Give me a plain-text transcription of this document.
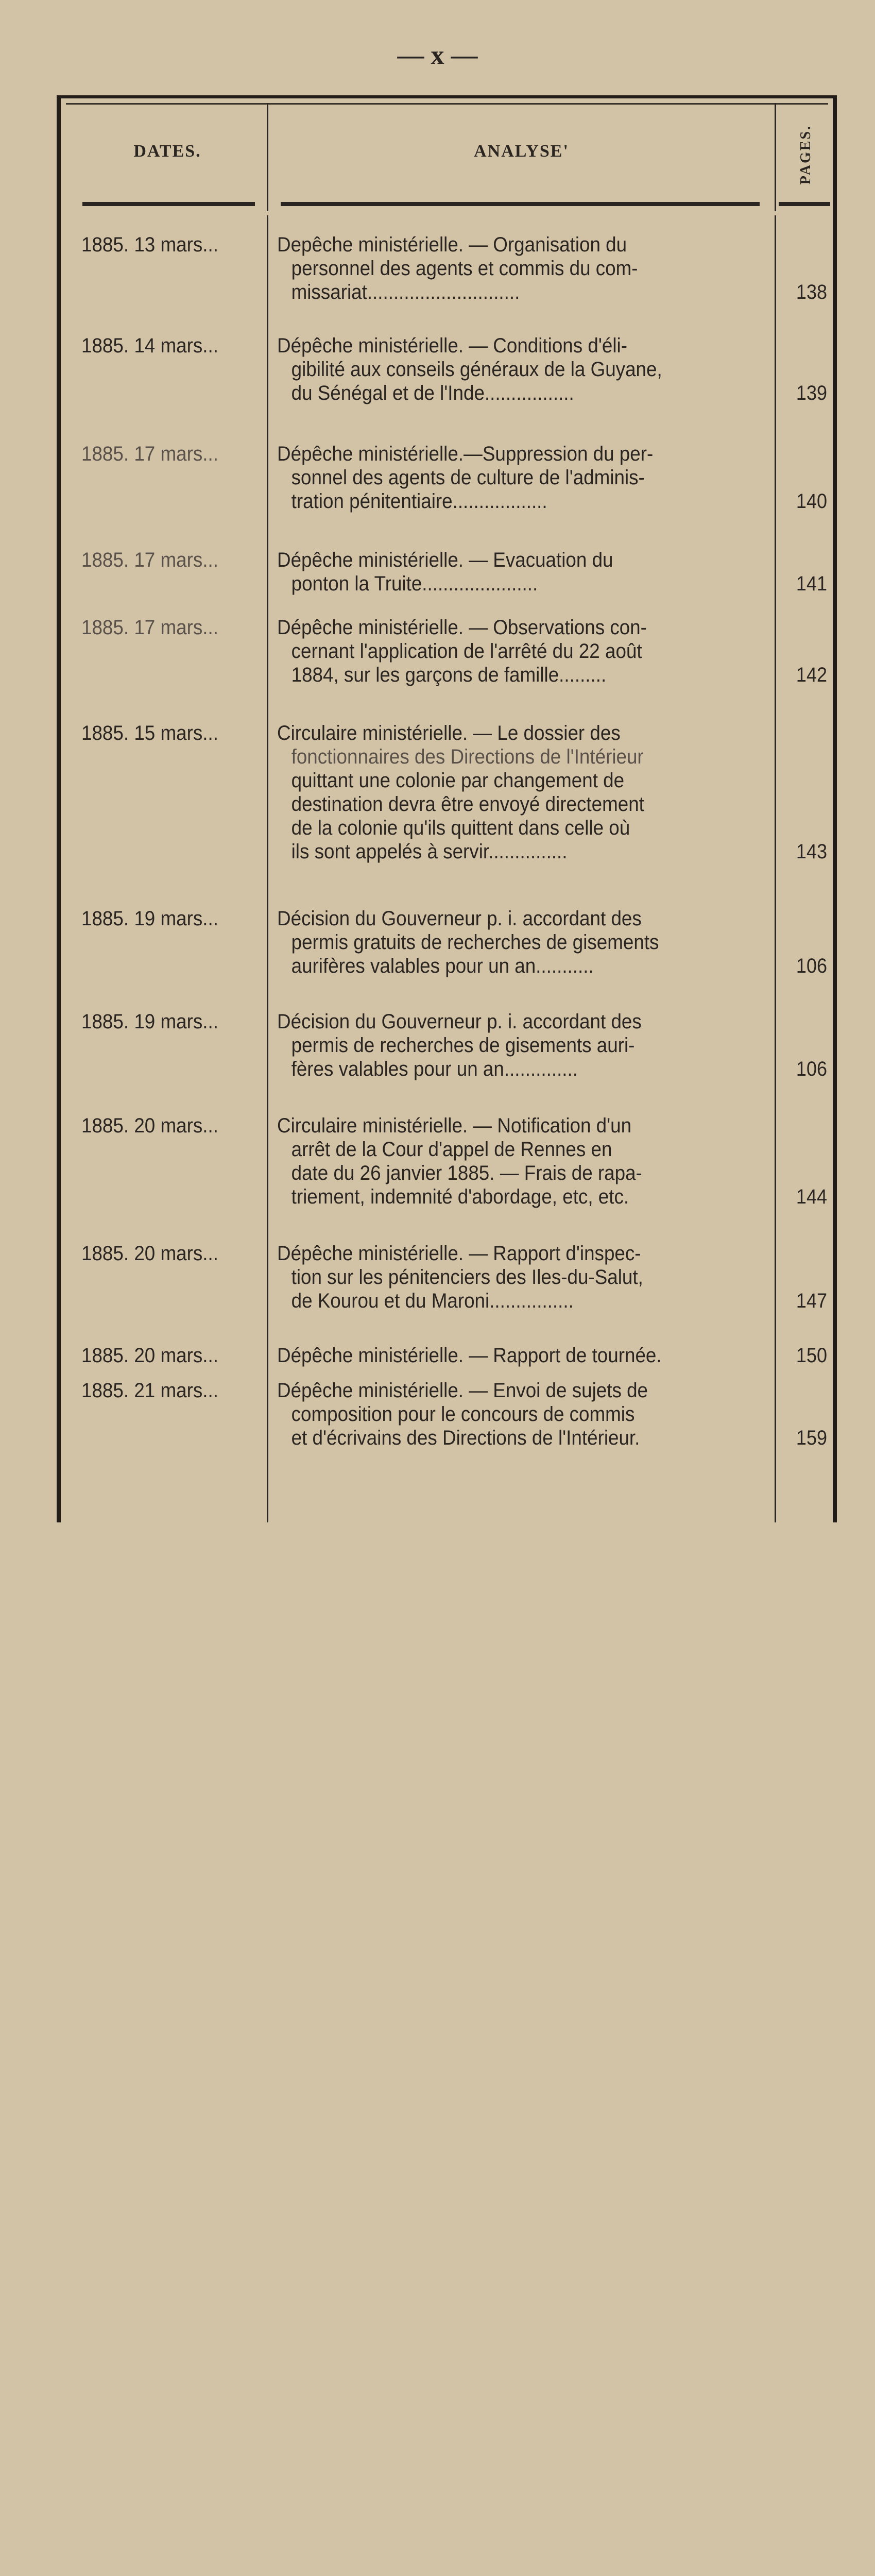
— x —
DATES.	ANALYSE'	PAGES.
1885. 13 mars...	Depêche ministérielle. — Organisation du
personnel des agents et commis du com-
missariat.............................	138
1885. 14 mars...	Dépêche ministérielle. — Conditions d'éli-
gibilité aux conseils généraux de la Guyane,
du Sénégal et de l'Inde.................	139
1885. 17 mars...	Dépêche ministérielle.—Suppression du per-
sonnel des agents de culture de l'adminis-
tration pénitentiaire..................	140
1885. 17 mars...	Dépêche ministérielle. — Evacuation du
ponton la Truite......................	141
1885. 17 mars...	Dépêche ministérielle. — Observations con-
cernant l'application de l'arrêté du 22 août
1884, sur les garçons de famille.........	142
1885. 15 mars...	Circulaire ministérielle. — Le dossier des
fonctionnaires des Directions de l'Intérieur
quittant une colonie par changement de
destination devra être envoyé directement
de la colonie qu'ils quittent dans celle où
ils sont appelés à servir...............	143
1885. 19 mars...	Décision du Gouverneur p. i. accordant des
permis gratuits de recherches de gisements
aurifères valables pour un an...........	106
1885. 19 mars...	Décision du Gouverneur p. i. accordant des
permis de recherches de gisements auri-
fères valables pour un an..............	106
1885. 20 mars...	Circulaire ministérielle. — Notification d'un
arrêt de la Cour d'appel de Rennes en
date du 26 janvier 1885. — Frais de rapa-
triement, indemnité d'abordage, etc, etc.	144
1885. 20 mars...	Dépêche ministérielle. — Rapport d'inspec-
tion sur les pénitenciers des Iles-du-Salut,
de Kourou et du Maroni................	147
1885. 20 mars...	Dépêche ministérielle. — Rapport de tournée.	150
1885. 21 mars...	Dépêche ministérielle. — Envoi de sujets de
composition pour le concours de commis
et d'écrivains des Directions de l'Intérieur.	159
